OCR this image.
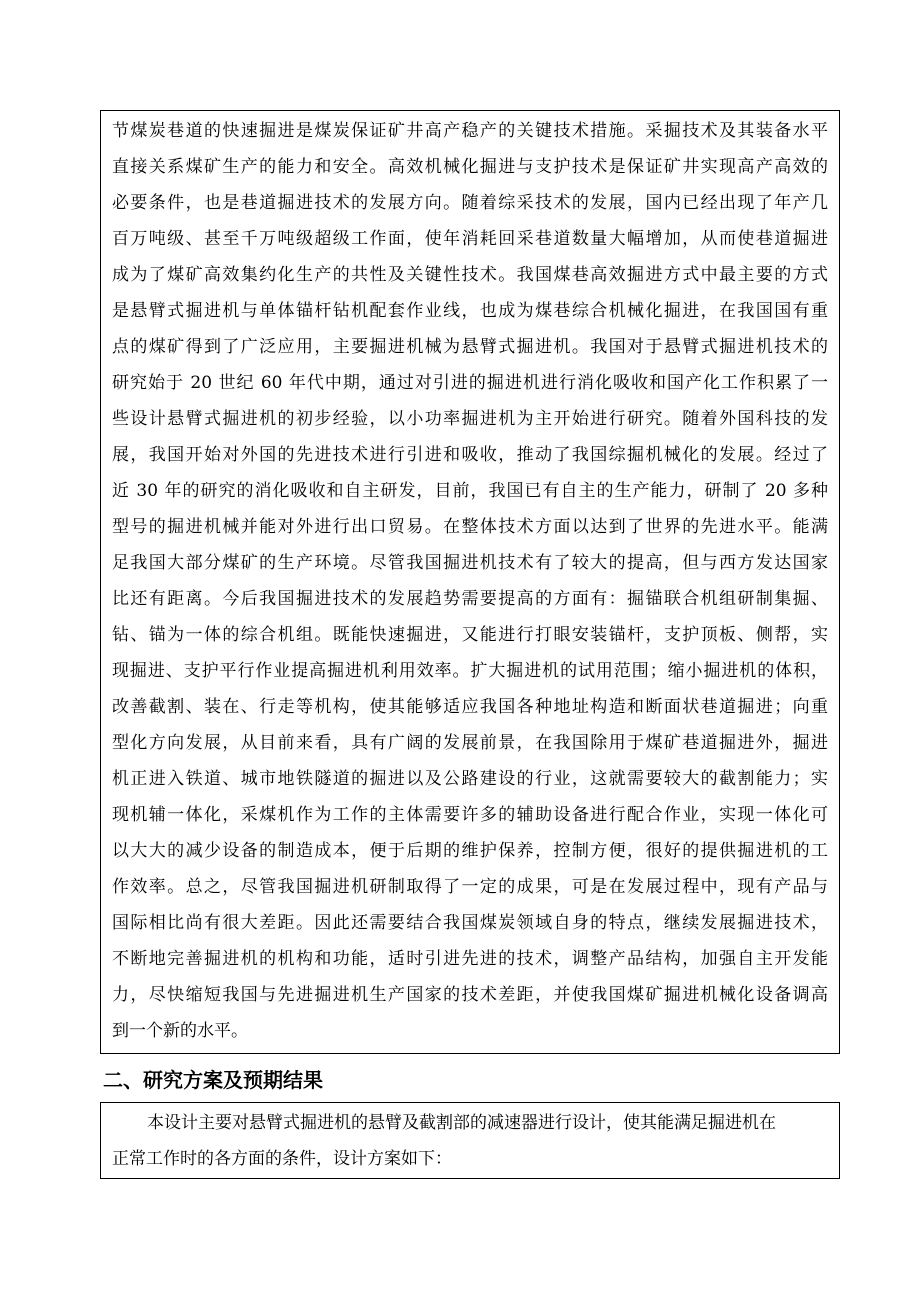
节煤炭巷道的快速掘进是煤炭保证矿井高产稳产的关键技术措施。采掘技术及其装备水平
直接关系煤矿生产的能力和安全。高效机械化掘进与支护技术是保证矿井实现高产高效的
必要条件，也是巷道掘进技术的发展方向。随着综采技术的发展，国内已经出现了年产几
百万吨级、甚至千万吨级超级工作面，使年消耗回采巷道数量大幅增加，从而使巷道掘进
成为了煤矿高效集约化生产的共性及关键性技术。我国煤巷高效掘进方式中最主要的方式
是悬臂式掘进机与单体锚杆钻机配套作业线，也成为煤巷综合机械化掘进，在我国国有重
点的煤矿得到了广泛应用，主要掘进机械为悬臂式掘进机。我国对于悬臂式掘进机技术的
研究始于 20 世纪 60 年代中期，通过对引进的掘进机进行消化吸收和国产化工作积累了一
些设计悬臂式掘进机的初步经验，以小功率掘进机为主开始进行研究。随着外国科技的发
展，我国开始对外国的先进技术进行引进和吸收，推动了我国综掘机械化的发展。经过了
近 30 年的研究的消化吸收和自主研发，目前，我国已有自主的生产能力，研制了 20 多种
型号的掘进机械并能对外进行出口贸易。在整体技术方面以达到了世界的先进水平。能满
足我国大部分煤矿的生产环境。尽管我国掘进机技术有了较大的提高，但与西方发达国家
比还有距离。今后我国掘进技术的发展趋势需要提高的方面有：掘锚联合机组研制集掘、
钻、锚为一体的综合机组。既能快速掘进，又能进行打眼安装锚杆，支护顶板、侧帮，实
现掘进、支护平行作业提高掘进机利用效率。扩大掘进机的试用范围；缩小掘进机的体积，
改善截割、装在、行走等机构，使其能够适应我国各种地址构造和断面状巷道掘进；向重
型化方向发展，从目前来看，具有广阔的发展前景，在我国除用于煤矿巷道掘进外，掘进
机正进入铁道、城市地铁隧道的掘进以及公路建设的行业，这就需要较大的截割能力；实
现机辅一体化，采煤机作为工作的主体需要许多的辅助设备进行配合作业，实现一体化可
以大大的减少设备的制造成本，便于后期的维护保养，控制方便，很好的提供掘进机的工
作效率。总之，尽管我国掘进机研制取得了一定的成果，可是在发展过程中，现有产品与
国际相比尚有很大差距。因此还需要结合我国煤炭领域自身的特点，继续发展掘进技术，
不断地完善掘进机的机构和功能，适时引进先进的技术，调整产品结构，加强自主开发能
力，尽快缩短我国与先进掘进机生产国家的技术差距，并使我国煤矿掘进机械化设备调高
到一个新的水平。
二、研究方案及预期结果
本设计主要对悬臂式掘进机的悬臂及截割部的减速器进行设计，使其能满足掘进机在
正常工作时的各方面的条件，设计方案如下：
